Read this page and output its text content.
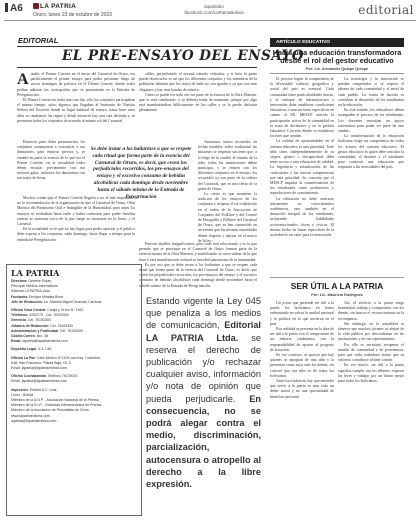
A6	LA PATRIA
Oruro, lunes 23 de octubre de 2023
lapatriabo
facebook.com/LaPatriaBolivia	editorial
EDITORIAL
EL PRE-ENSAYO DEL ENSAYO

Antaño, el Primer Convite en el inicio del Carnaval de Oruro, era pacíficamente el primer ensayo para poder presentar luego de varios domingos de práctica en el Último Convite, donde todos podían admirar las coreografías que se presentarán en la Entrada de Peregrinación.

El Primer Convite no tenía una ruta fija, sólo los conjuntos participaban el mismo tiempo, salvo algunos que llegaban al Santuario de Nuestra Señora del Socavón donde su lugar habitual de ensayo, hasta hace unos años se cambiaron las reglas y desde entonces hay una ruta definida y, se presentan todos los conjuntos de acuerdo al mismo rol del Carnaval.

Entonces para dicha presentación, los conjuntos comenzaron a concentrar a sus danzarines, para ensayar previos y, se cambió en parte la esencia de lo que era el Primer Convite, en la actualidad todos deben ensayar previamente con sus mejores galas, inclusive los danzarines con sus trajes de fiesta.

Muchos creían que el Primer Convite llegaría a ser el más importante, no la recomendación de la organización de que el Carnaval de Oruro, Obra Maestra del Patrimonio Oral e Intangible de la Humanidad, pues antes los ensayos se realizaban hasta tarde y había confusión para poder familias enteras se sintieran cerca de lo que luego se mostraría en la fiesta, y el Carnaval.

En la actualidad se ve que no hay lugar para poder apreciar y el público debe esperar a los conjuntos, nada domingo, hasta llegar a tiempo para la entrada de Peregrinación.

calles, perjudicando el normal tránsito vehicular, y si bien la gente puede observarlos es así que los diferentes conjuntos y los miembros de la población admiten que los trajes de baile no son iguales y ya que son más elegantes y hay más bandas de música.

Cómo se puede ver todo eso era parte de la esencia de la Obra Maestra, que se está cambiando, y se debería tratar de mantener, porque por algo está manifestándose bíblicamente en las calles y se la puede disfrutar plenamente.

Se debe instar a los bailarines a que se respete cada ritual que forma parte de la esencia del Carnaval de Oruro, es decir, que cesen los perjudiciales recorridos, los pre-ensayos del ensayo y el excesivo consumo de bebidas alcohólicas cada domingo desde noviembre hasta el sábado mismo de la Entrada de Peregrinación

Asimismo, tantos recorridos en fechas notables, señor tradicional las misiones se respetan sin tener que, a lo largo de la ciudad, el tránsito de la urbe, todas las instituciones deben participar, y se reúnen con los diferentes conjuntos en el ensayo, los recorridos ya son parte de la cultura del Carnaval, que es una fiesta de la gente de Oruro.

Lo cierto es que mantener la tradición de los ensayos de los conjuntos y respetar el rol establecido en el orden de la Asociación de Conjuntos del Folklore y del Comité de Etnografía y Folklore del Carnaval de Oruro, que se han convertido en un evento que las mismas autoridades deben respetar y apoyar en el marco de la ley.

Parecen detalles insignificantes, pero todo está relacionado y es lo que permite que se practique en el Carnaval de Oruro formen parte de la esencia misma de la Obra Maestra, y modificando se corre saltear de lo que hace y está manifestación cultural se inscribió patrimonio de la humanidad.

Es por eso que se debe instar a los bailarines a que se respete cada ritual que forma parte de la esencia del Carnaval de Oruro, es decir, que cesen los perjudiciales recorridos, los pre-ensayos del ensayo y el excesivo consumo de bebidas alcohólicas cada domingo desde noviembre hasta el sábado mismo de la Entrada de Peregrinación.

ARTÍCULO EDUCATIVO
Hacia una educación transformadora desde el rol del gestor educativo
Por: Lic. Alexander Quispe Quispe

El proceso lograr la comprensión de la diversidad cultural, geográfica y social del país es esencial. Cada comunidad tiene particularidades únicas, y el enfoque de infraestructura e innovación debe establecer condiciones educativas e innovaciones específicas en cuanto al EE. MESCP articula la participación activa de la comunidad en la toma de decisiones y en la gestión educativa. Con este diseño se establecen factores que ayudan.

La calidad de oportunidades en el sistema educativo es una prioridad. Todo niño tiene, independientemente de su origen, género o discapacidad, debe tener acceso a una educación de calidad. La ingeniería y actualización de las curriculares y las nuevas competencias son una prioridad. Se concreta que el MESCP impulsa la transformación de los estudiantes como productores y reproductores de conocimiento.

La educación no debe centrarse únicamente en conocimientos académicos, sino también en el desarrollo integral de los estudiantes, incluyendo habilidades socioemocionales, éticas y cívicas. El mismo hecho en líneas específicas de la sociedad es un valor para la innovación.

La tecnología y la innovación se pueden comprender si se respeta el idioma de cada comunidad y el nivel de cada pueblo. La forma de hacerlo es contribuir al desarrollo de los estudiantes en la educación.

En este sentido, los educadores deben acompañar el proceso de los estudiantes. Los docentes necesitan un apoyo sistemático para poder ser parte de este cambio.

La transformación de la educación boliviana exige un compromiso de todos los actores del sistema educativo. El gestor educativo es quien debe articular la comunidad, el docente y el estudiante para construir una educación que responda a las necesidades del país.

SER ÚTIL A LA PATRIA
Por: Lic. Mauricio Rodríguez

Un joven que pretende ser útil a la patria, los bolivianos en forma enfrentando en salvar la unidad nacional y la política en la que nacieron en el país.

Esa realidad se presenta en la idea de ser útil a la patria con el compromiso de ser mejores ciudadanos, con la responsabilidad de aportar al progreso de la nación.

En ese contexto, se aprecia que hay quienes se apropian de una idea y la presentan como suya ante los demás, sin conocer que esa idea es de todos los bolivianos.

Ante esa evidencia, hay que entender que servir a la patria es ante todo un deber moral y no una oportunidad de beneficio personal.

Así, el servicio a la patria exige honestidad, trabajo y compromiso con los demás, sin buscar el reconocimiento ni la recompensa.

Sin embargo, en la actualidad se observa que muchos jóvenes se alejan de la vida pública por desconfianza en las instituciones y en sus representantes.

Por ello es necesario recuperar el sentido de comunidad y de pertenencia, para que cada ciudadano sienta que su esfuerzo contribuye al bien común.

En ese marco, ser útil a la patria significa cumplir con los deberes, respetar las leyes y trabajar por un futuro mejor para todos los bolivianos.

LA PATRIA
Directora: Gerente Rojas
Principal: Medios Informativos
Editorial LA PATRIA Ltda.
Fundador: Enrique Miralles Bove
Jefe de Redacción: Lic. Mariela Miguel Guzmán Cardona
Oficina Casa Central: Cobija y Oruro N° 1462
Teléfonos: 5252275 - Cel. 76153300
Gerencia: Cel. 76153300
Jefatura de Redacción: Cel. 76153300
Administración y Publicidad: Cel. 76153300
Casilla Correo: Nro. 48
Email: lapatria@lapatriaenlinea.com
Depósito Legal: 4-3-7-86
Oficina La Paz: Calle Mexico N°1100 casi esq. Colombia
Edif. San Francisco, Planta Baja, Of. 3
Email: lapatria@lapatriaenlinea.com
Oficina Cochabamba: Teléfono 76130023
Email: lapatria@lapatriaenlinea.com
Impresión: Editora S.C. Ltda.
Oruro - Bolivia
Miembro de la A.N.P. - Asociación Nacional de la Prensa
Miembro de la S.I.P. - Sociedad Interamericana de Prensa
Miembro de la Asociación de Periodistas de Oruro
www.lapatriaenlinea.com
lapatria@lapatriaenlinea.com
Estando vigente la Ley 045 que penaliza a los medios de comunicación, Editorial LA PATRIA Ltda. se reserva el derecho de publicación y/o rechazar cualquier aviso, información y/o nota de opinión que pueda perjudicarle. En consecuencia, no se podrá alegar contra el medio, discriminación, parcialización, autocensura o atropello al derecho a la libre expresión.
